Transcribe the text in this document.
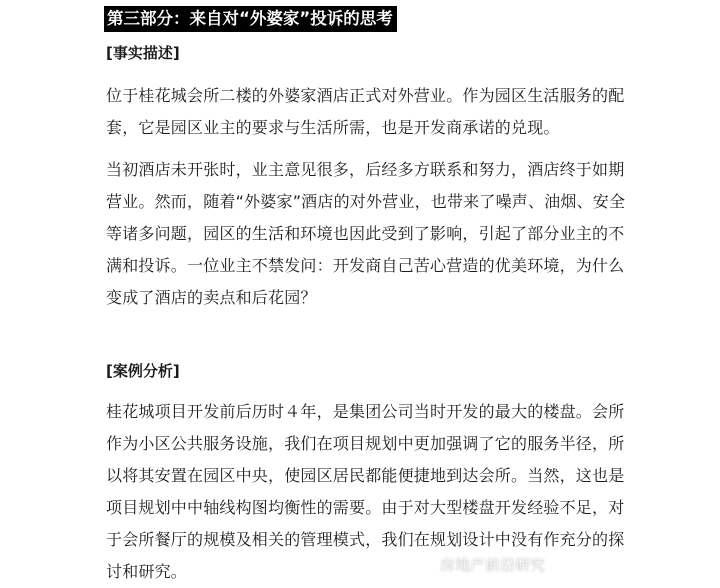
第三部分：来自对“外婆家”投诉的思考
[事实描述]
位于桂花城会所二楼的外婆家酒店正式对外营业。作为园区生活服务的配套，它是园区业主的要求与生活所需，也是开发商承诺的兑现。
当初酒店未开张时，业主意见很多，后经多方联系和努力，酒店终于如期营业。然而，随着“外婆家”酒店的对外营业，也带来了噪声、油烟、安全等诸多问题，园区的生活和环境也因此受到了影响，引起了部分业主的不满和投诉。一位业主不禁发问：开发商自己苦心营造的优美环境，为什么变成了酒店的卖点和后花园？
[案例分析]
桂花城项目开发前后历时４年，是集团公司当时开发的最大的楼盘。会所作为小区公共服务设施，我们在项目规划中更加强调了它的服务半径，所以将其安置在园区中央，使园区居民都能便捷地到达会所。当然，这也是项目规划中中轴线构图均衡性的需要。由于对大型楼盘开发经验不足，对于会所餐厅的规模及相关的管理模式，我们在规划设计中没有作充分的探讨和研究。	房地产前沿研究
